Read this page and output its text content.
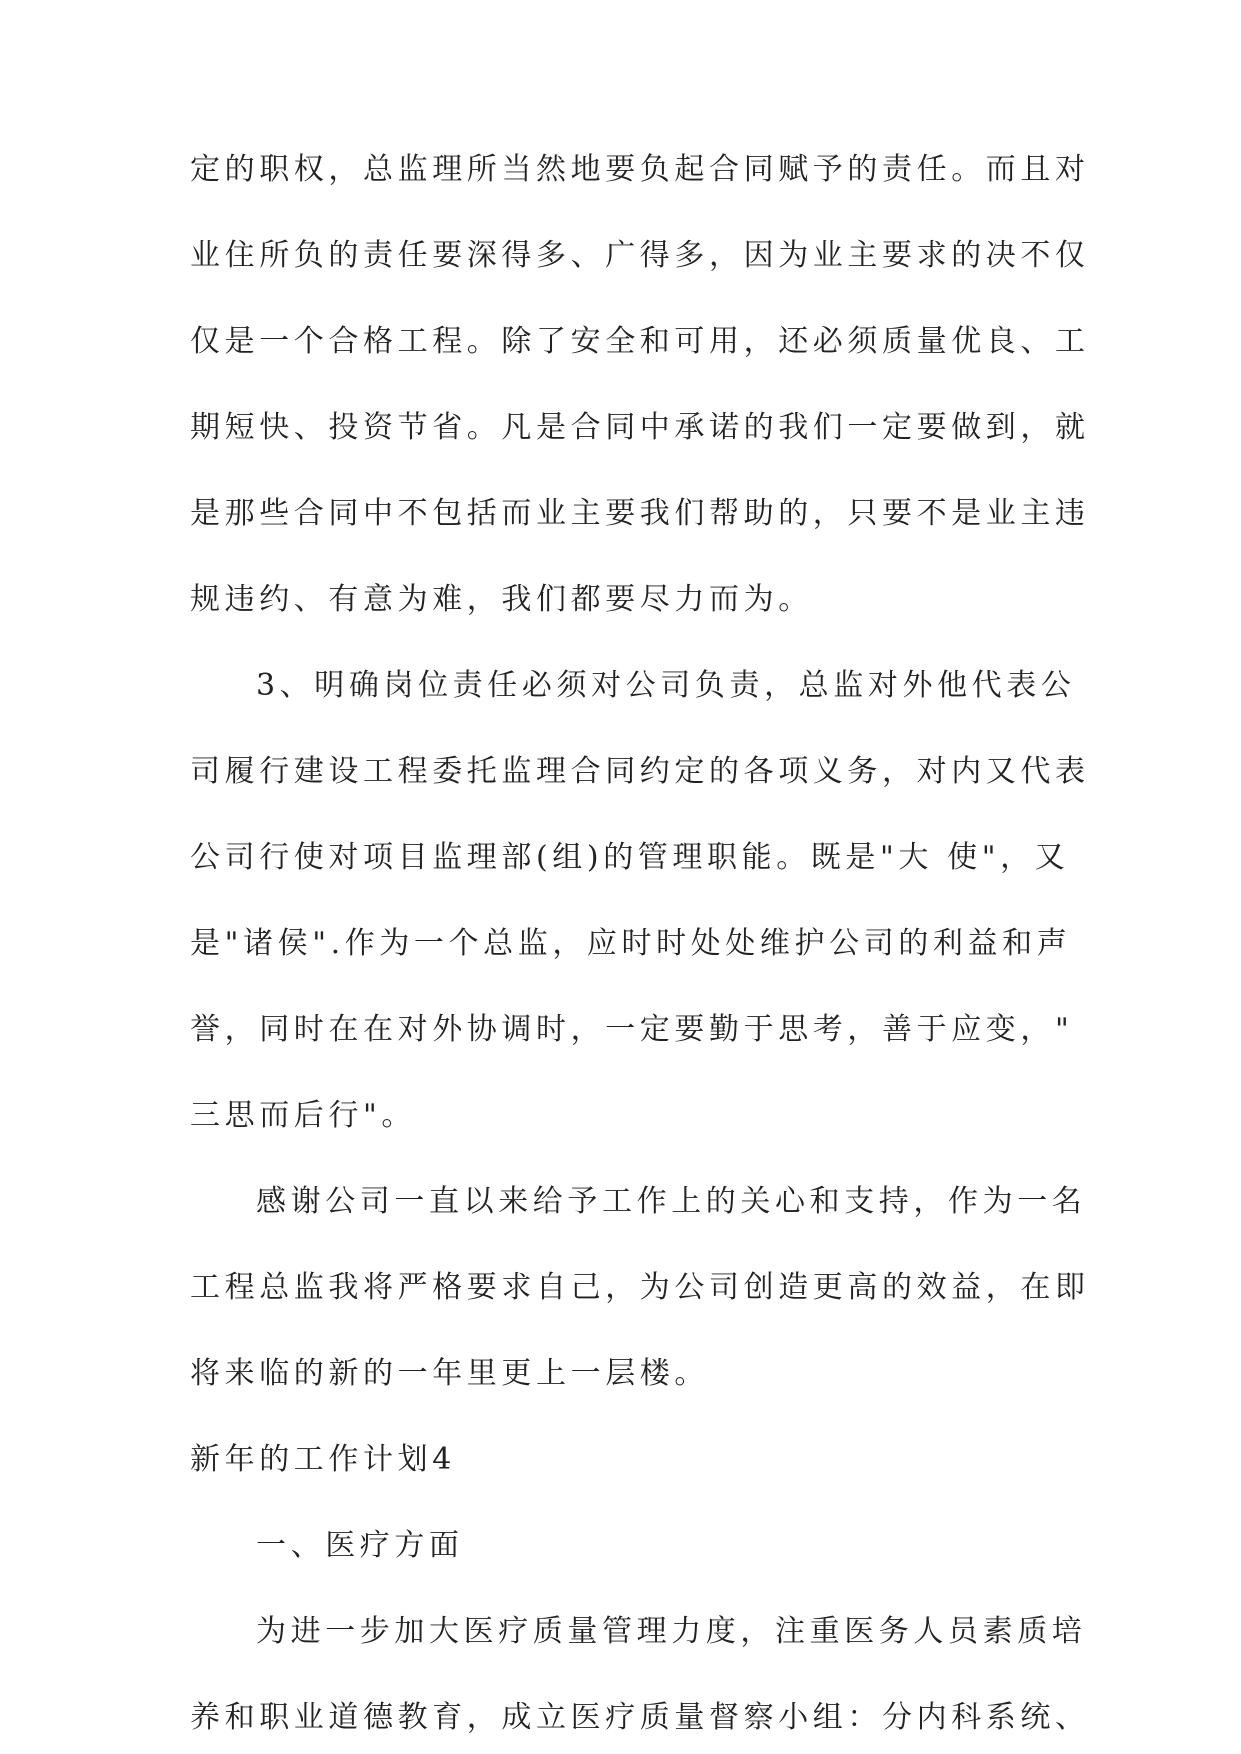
定的职权，总监理所当然地要负起合同赋予的责任。而且对
业住所负的责任要深得多、广得多，因为业主要求的决不仅
仅是一个合格工程。除了安全和可用，还必须质量优良、工
期短快、投资节省。凡是合同中承诺的我们一定要做到，就
是那些合同中不包括而业主要我们帮助的，只要不是业主违
规违约、有意为难，我们都要尽力而为。
3、明确岗位责任必须对公司负责，总监对外他代表公
司履行建设工程委托监理合同约定的各项义务，对内又代表
公司行使对项目监理部(组)的管理职能。既是"大 使"，又
是"诸侯".作为一个总监，应时时处处维护公司的利益和声
誉，同时在在对外协调时，一定要勤于思考，善于应变，"
三思而后行"。
感谢公司一直以来给予工作上的关心和支持，作为一名
工程总监我将严格要求自己，为公司创造更高的效益，在即
将来临的新的一年里更上一层楼。
新年的工作计划4
一、医疗方面
为进一步加大医疗质量管理力度，注重医务人员素质培
养和职业道德教育，成立医疗质量督察小组：分内科系统、
